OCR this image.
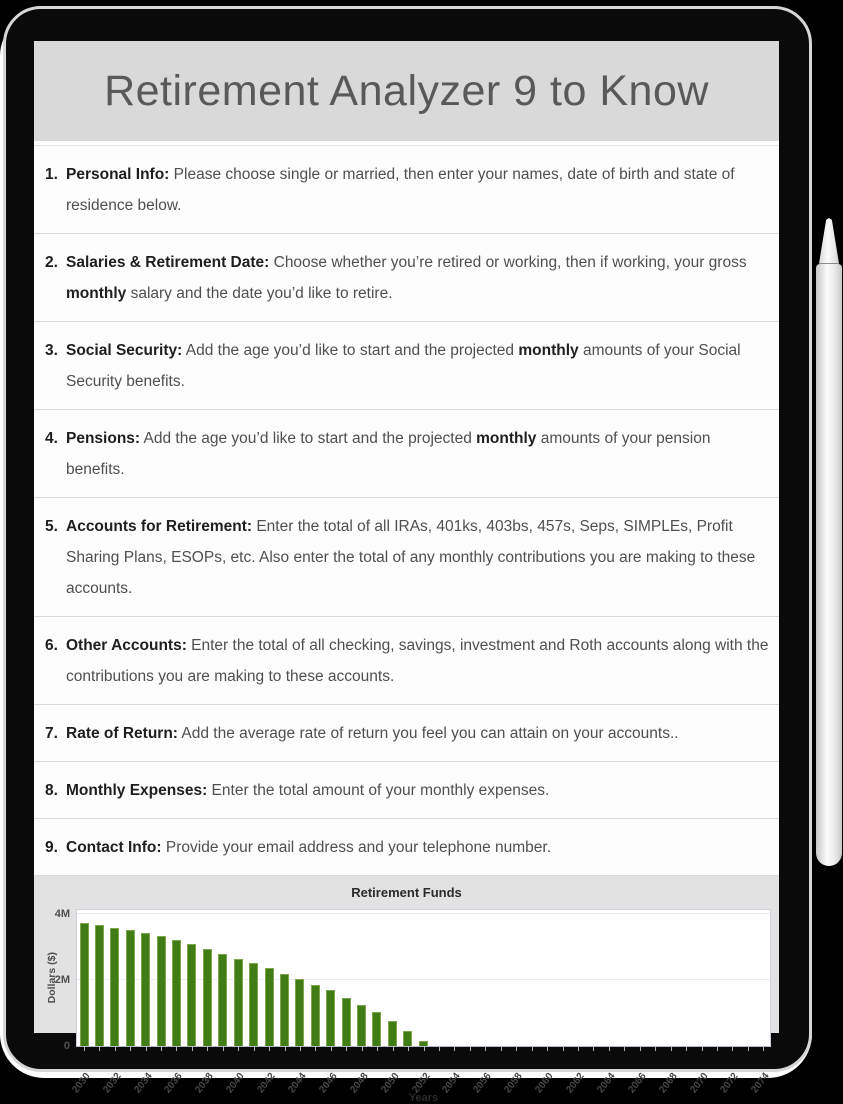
Retirement Analyzer 9 to Know
1. Personal Info: Please choose single or married, then enter your names, date of birth and state of residence below.

2. Salaries & Retirement Date: Choose whether you’re retired or working, then if working, your gross monthly salary and the date you’d like to retire.

3. Social Security: Add the age you’d like to start and the projected monthly amounts of your Social Security benefits.

4. Pensions: Add the age you’d like to start and the projected monthly amounts of your pension benefits.

5. Accounts for Retirement: Enter the total of all IRAs, 401ks, 403bs, 457s, Seps, SIMPLEs, Profit Sharing Plans, ESOPs, etc. Also enter the total of any monthly contributions you are making to these accounts.

6. Other Accounts: Enter the total of all checking, savings, investment and Roth accounts along with the contributions you are making to these accounts.

7. Rate of Return: Add the average rate of return you feel you can attain on your accounts..

8. Monthly Expenses: Enter the total amount of your monthly expenses.

9. Contact Info: Provide your email address and your telephone number.

Retirement Funds
Dollars ($)
0
2M
4M
2030 2032 2034 2036 2038 2040 2042 2044 2046 2048 2050 2052 2054 2056 2058 2060 2062 2064 2066 2068 2070 2072 2074
Years
